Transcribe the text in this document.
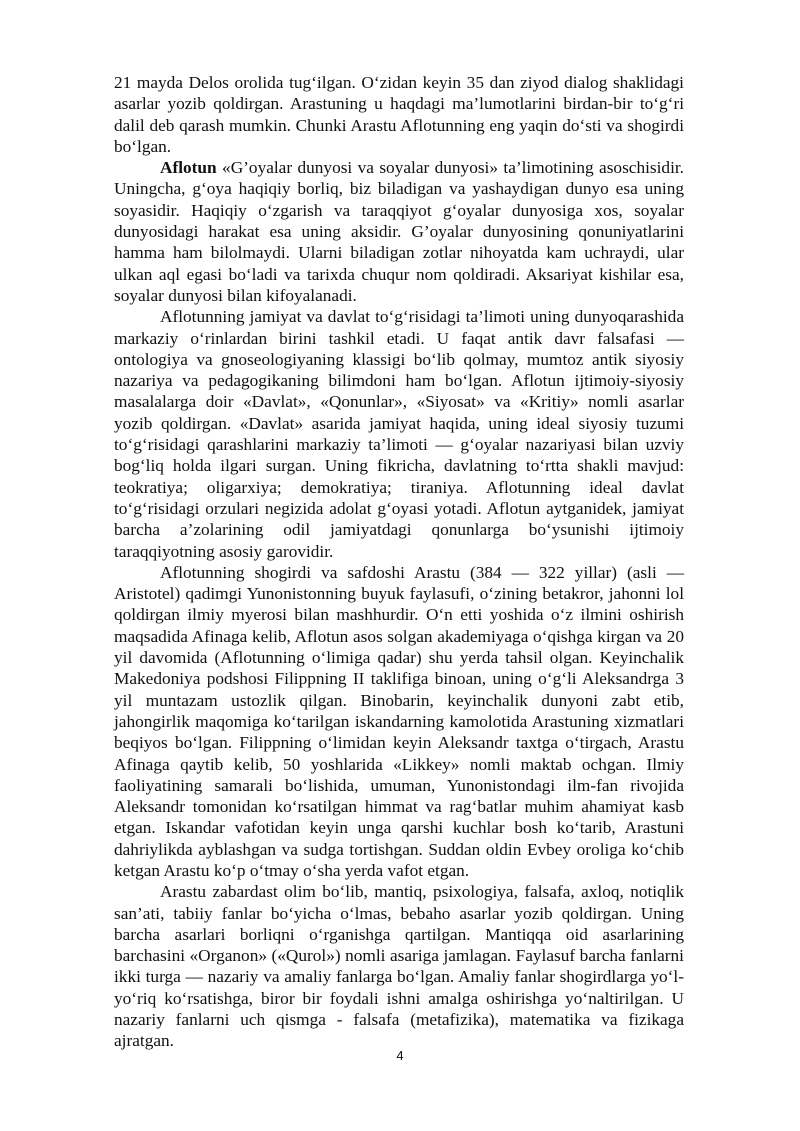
21 mayda Delos orolida tug‘ilgan. O‘zidan keyin 35 dan ziyod dialog shaklidagi asarlar yozib qoldirgan. Arastuning u haqdagi ma’lumotlarini birdan-bir to‘g‘ri dalil deb qarash mumkin. Chunki Arastu Aflotunning eng yaqin do‘sti va shogirdi bo‘lgan.

Aflotun «G’oyalar dunyosi va soyalar dunyosi» ta’limotining asoschisidir. Uningcha, g‘oya haqiqiy borliq, biz biladigan va yashaydigan dunyo esa uning soyasidir. Haqiqiy o‘zgarish va taraqqiyot g‘oyalar dunyosiga xos, soyalar dunyosidagi harakat esa uning aksidir. G’oyalar dunyosining qonuniyatlarini hamma ham bilolmaydi. Ularni biladigan zotlar nihoyatda kam uchraydi, ular ulkan aql egasi bo‘ladi va tarixda chuqur nom qoldiradi. Aksariyat kishilar esa, soyalar dunyosi bilan kifoyalanadi.

Aflotunning jamiyat va davlat to‘g‘risidagi ta’limoti uning dunyoqarashida markaziy o‘rinlardan birini tashkil etadi. U faqat antik davr falsafasi — ontologiya va gnoseologiyaning klassigi bo‘lib qolmay, mumtoz antik siyosiy nazariya va pedagogikaning bilimdoni ham bo‘lgan. Aflotun ijtimoiy-siyosiy masalalarga doir «Davlat», «Qonunlar», «Siyosat» va «Kritiy» nomli asarlar yozib qoldirgan. «Davlat» asarida jamiyat haqida, uning ideal siyosiy tuzumi to‘g‘risidagi qarashlarini markaziy ta’limoti — g‘oyalar nazariyasi bilan uzviy bog‘liq holda ilgari surgan. Uning fikricha, davlatning to‘rtta shakli mavjud: teokratiya; oligarxiya; demokratiya; tiraniya. Aflotunning ideal davlat to‘g‘risidagi orzulari negizida adolat g‘oyasi yotadi. Aflotun aytganidek, jamiyat barcha a’zolarining odil jamiyatdagi qonunlarga bo‘ysunishi ijtimoiy taraqqiyotning asosiy garovidir.

Aflotunning shogirdi va safdoshi Arastu (384 — 322 yillar) (asli — Aristotel) qadimgi Yunonistonning buyuk faylasufi, o‘zining betakror, jahonni lol qoldirgan ilmiy myerosi bilan mashhurdir. O‘n etti yoshida o‘z ilmini oshirish maqsadida Afinaga kelib, Aflotun asos solgan akademiyaga o‘qishga kirgan va 20 yil davomida (Aflotunning o‘limiga qadar) shu yerda tahsil olgan. Keyinchalik Makedoniya podshosi Filippning II taklifiga binoan, uning o‘g‘li Aleksandrga 3 yil muntazam ustozlik qilgan. Binobarin, keyinchalik dunyoni zabt etib, jahongirlik maqomiga ko‘tarilgan iskandarning kamolotida Arastuning xizmatlari beqiyos bo‘lgan. Filippning o‘limidan keyin Aleksandr taxtga o‘tirgach, Arastu Afinaga qaytib kelib, 50 yoshlarida «Likkey» nomli maktab ochgan. Ilmiy faoliyatining samarali bo‘lishida, umuman, Yunonistondagi ilm-fan rivojida Aleksandr tomonidan ko‘rsatilgan himmat va rag‘batlar muhim ahamiyat kasb etgan. Iskandar vafotidan keyin unga qarshi kuchlar bosh ko‘tarib, Arastuni dahriylikda ayblashgan va sudga tortishgan. Suddan oldin Evbey oroliga ko‘chib ketgan Arastu ko‘p o‘tmay o‘sha yerda vafot etgan.

Arastu zabardast olim bo‘lib, mantiq, psixologiya, falsafa, axloq, notiqlik san’ati, tabiiy fanlar bo‘yicha o‘lmas, bebaho asarlar yozib qoldirgan. Uning barcha asarlari borliqni o‘rganishga qartilgan. Mantiqqa oid asarlarining barchasini «Organon» («Qurol») nomli asariga jamlagan. Faylasuf barcha fanlarni ikki turga — nazariy va amaliy fanlarga bo‘lgan. Amaliy fanlar shogirdlarga yo‘l-yo‘riq ko‘rsatishga, biror bir foydali ishni amalga oshirishga yo‘naltirilgan. U nazariy fanlarni uch qismga - falsafa (metafizika), matematika va fizikaga ajratgan.

4
